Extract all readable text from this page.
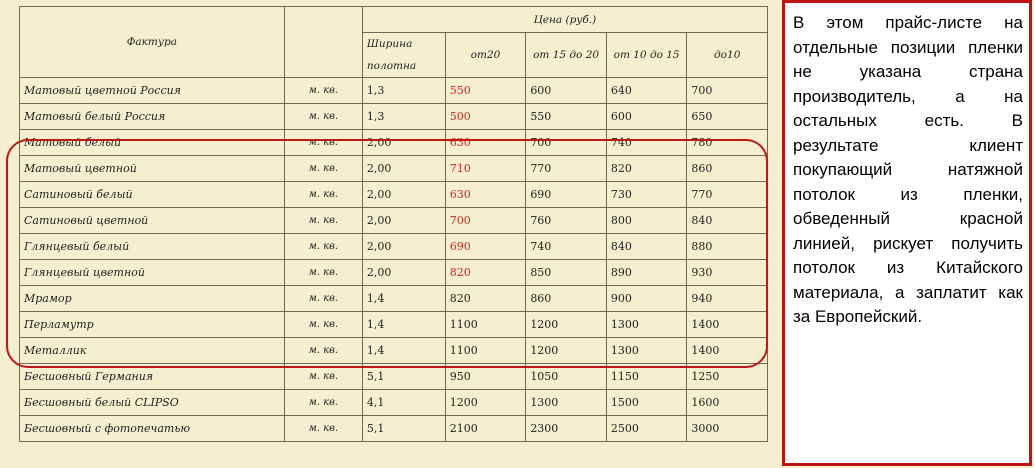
Фактура		Цена (руб.)				
		Ширина полотна	от20	от 15 до 20	от 10 до 15	до10
Матовый цветной Россия	м. кв.	1,3	550	600	640	700
Матовый белый Россия	м. кв.	1,3	500	550	600	650
Матовый белый	м. кв.	2,00	630	700	740	780
Матовый цветной	м. кв.	2,00	710	770	820	860
Сатиновый белый	м. кв.	2,00	630	690	730	770
Сатиновый цветной	м. кв.	2,00	700	760	800	840
Глянцевый белый	м. кв.	2,00	690	740	840	880
Глянцевый цветной	м. кв.	2,00	820	850	890	930
Мрамор	м. кв.	1,4	820	860	900	940
Перламутр	м. кв.	1,4	1100	1200	1300	1400
Металлик	м. кв.	1,4	1100	1200	1300	1400
Бесшовный Германия	м. кв.	5,1	950	1050	1150	1250
Бесшовный белый CLIPSO	м. кв.	4,1	1200	1300	1500	1600
Бесшовный с фотопечатью	м. кв.	5,1	2100	2300	2500	3000
В этом прайс-листе на отдельные позиции пленки не указана страна производитель, а на остальных есть. В результате клиент покупающий натяжной потолок из пленки, обведенный красной линией, рискует получить потолок из Китайского материала, а заплатит как за Европейский.
